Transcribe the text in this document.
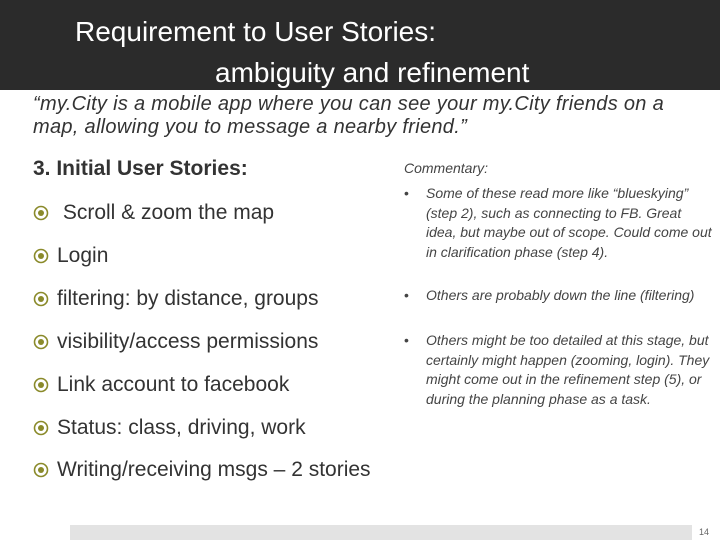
Requirement to User Stories:
ambiguity and refinement
“my.City is a mobile app where you can see your my.City friends on a map, allowing you to message a nearby friend.”
3. Initial User Stories:
Scroll & zoom the map
Login
filtering: by distance, groups
visibility/access permissions
Link account to facebook
Status: class, driving, work
Writing/receiving msgs – 2 stories
Commentary:
• Some of these read more like “blueskying” (step 2), such as connecting to FB. Great idea, but maybe out of scope. Could come out in clarification phase (step 4).
• Others are probably down the line (filtering)
• Others might be too detailed at this stage, but certainly might happen (zooming, login). They might come out in the refinement step (5), or during the planning phase as a task.
14
